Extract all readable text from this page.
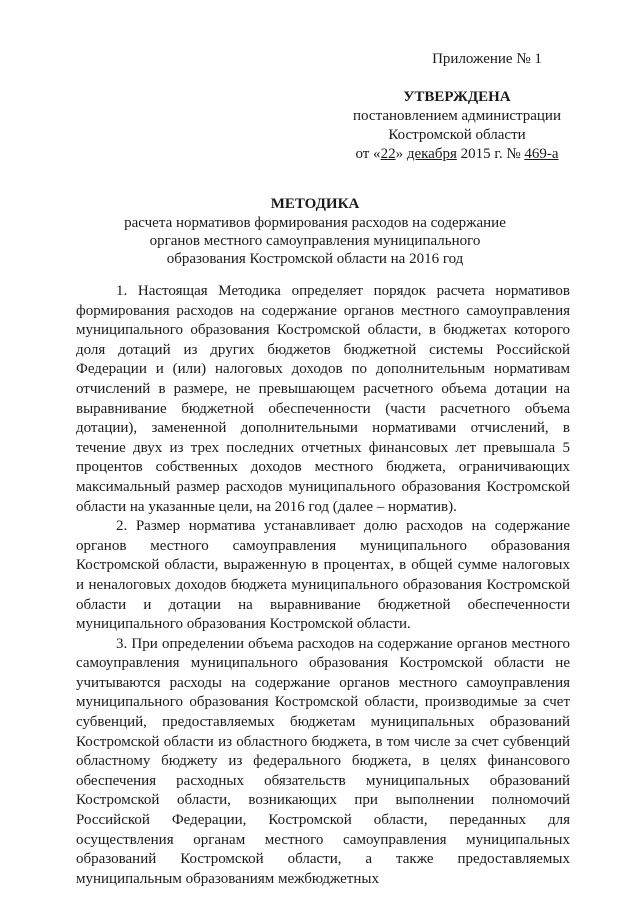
Приложение № 1
УТВЕРЖДЕНА
постановлением администрации
Костромской области
от «22» декабря 2015 г. № 469-а
МЕТОДИКА
расчета нормативов формирования расходов на содержание
органов местного самоуправления муниципального
образования Костромской области на 2016 год

1. Настоящая Методика определяет порядок расчета нормативов формирования расходов на содержание органов местного самоуправления муниципального образования Костромской области, в бюджетах которого доля дотаций из других бюджетов бюджетной системы Российской Федерации и (или) налоговых доходов по дополнительным нормативам отчислений в размере, не превышающем расчетного объема дотации на выравнивание бюджетной обеспеченности (части расчетного объема дотации), замененной дополнительными нормативами отчислений, в течение двух из трех последних отчетных финансовых лет превышала 5 процентов собственных доходов местного бюджета, ограничивающих максимальный размер расходов муниципального образования Костромской области на указанные цели, на 2016 год (далее – норматив).

2. Размер норматива устанавливает долю расходов на содержание органов местного самоуправления муниципального образования Костромской области, выраженную в процентах, в общей сумме налоговых и неналоговых доходов бюджета муниципального образования Костромской области и дотации на выравнивание бюджетной обеспеченности муниципального образования Костромской области.

3. При определении объема расходов на содержание органов местного самоуправления муниципального образования Костромской области не учитываются расходы на содержание органов местного самоуправления муниципального образования Костромской области, производимые за счет субвенций, предоставляемых бюджетам муниципальных образований Костромской области из областного бюджета, в том числе за счет субвенций областному бюджету из федерального бюджета, в целях финансового обеспечения расходных обязательств муниципальных образований Костромской области, возникающих при выполнении полномочий Российской Федерации, Костромской области, переданных для осуществления органам местного самоуправления муниципальных образований Костромской области, а также предоставляемых муниципальным образованиям межбюджетных
